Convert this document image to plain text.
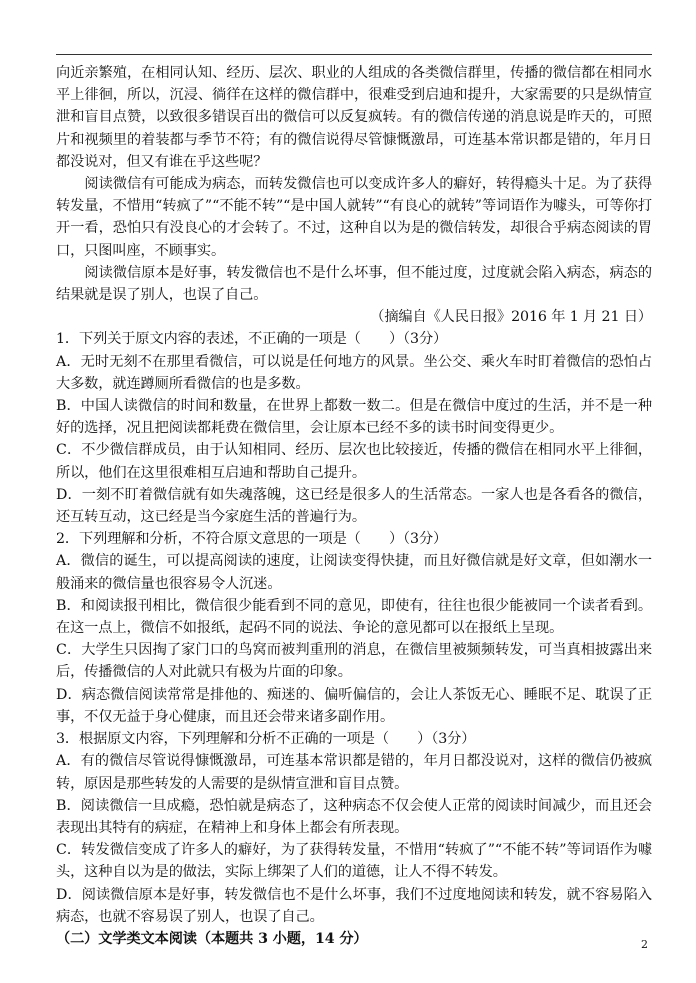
向近亲繁殖，在相同认知、经历、层次、职业的人组成的各类微信群里，传播的微信都在相同水平上徘徊，所以，沉浸、徜徉在这样的微信群中，很难受到启迪和提升，大家需要的只是纵情宣泄和盲目点赞，以致很多错误百出的微信可以反复疯转。有的微信传递的消息说是昨天的，可照片和视频里的着装都与季节不符；有的微信说得尽管慷慨激昂，可连基本常识都是错的，年月日都没说对，但又有谁在乎这些呢？

阅读微信有可能成为病态，而转发微信也可以变成许多人的癖好，转得瘾头十足。为了获得转发量，不惜用“转疯了”“不能不转”“是中国人就转”“有良心的就转”等词语作为噱头，可等你打开一看，恐怕只有没良心的才会转了。不过，这种自以为是的微信转发，却很合乎病态阅读的胃口，只图叫座，不顾事实。

阅读微信原本是好事，转发微信也不是什么坏事，但不能过度，过度就会陷入病态，病态的结果就是误了别人，也误了自己。

（摘编自《人民日报》2016 年 1 月 21 日）

1．下列关于原文内容的表述，不正确的一项是（　　）（3分）

A．无时无刻不在那里看微信，可以说是任何地方的风景。坐公交、乘火车时盯着微信的恐怕占大多数，就连蹲厕所看微信的也是多数。

B．中国人读微信的时间和数量，在世界上都数一数二。但是在微信中度过的生活，并不是一种好的选择，况且把阅读都耗费在微信里，会让原本已经不多的读书时间变得更少。

C．不少微信群成员，由于认知相同、经历、层次也比较接近，传播的微信在相同水平上徘徊，所以，他们在这里很难相互启迪和帮助自己提升。

D．一刻不盯着微信就有如失魂落魄，这已经是很多人的生活常态。一家人也是各看各的微信，还互转互动，这已经是当今家庭生活的普遍行为。

2．下列理解和分析，不符合原文意思的一项是（　　）（3分）

A．微信的诞生，可以提高阅读的速度，让阅读变得快捷，而且好微信就是好文章，但如潮水一般涌来的微信量也很容易令人沉迷。

B．和阅读报刊相比，微信很少能看到不同的意见，即使有，往往也很少能被同一个读者看到。在这一点上，微信不如报纸，起码不同的说法、争论的意见都可以在报纸上呈现。

C．大学生只因掏了家门口的鸟窝而被判重刑的消息，在微信里被频频转发，可当真相披露出来后，传播微信的人对此就只有极为片面的印象。

D．病态微信阅读常常是排他的、痴迷的、偏听偏信的，会让人茶饭无心、睡眠不足、耽误了正事，不仅无益于身心健康，而且还会带来诸多副作用。

3．根据原文内容，下列理解和分析不正确的一项是（　　）（3分）

A．有的微信尽管说得慷慨激昂，可连基本常识都是错的，年月日都没说对，这样的微信仍被疯转，原因是那些转发的人需要的是纵情宣泄和盲目点赞。

B．阅读微信一旦成瘾，恐怕就是病态了，这种病态不仅会使人正常的阅读时间减少，而且还会表现出其特有的病症，在精神上和身体上都会有所表现。

C．转发微信变成了许多人的癖好，为了获得转发量，不惜用“转疯了”“不能不转”等词语作为噱头，这种自以为是的做法，实际上绑架了人们的道德，让人不得不转发。

D．阅读微信原本是好事，转发微信也不是什么坏事，我们不过度地阅读和转发，就不容易陷入病态，也就不容易误了别人，也误了自己。

（二）文学类文本阅读（本题共 3 小题，14 分）	2
